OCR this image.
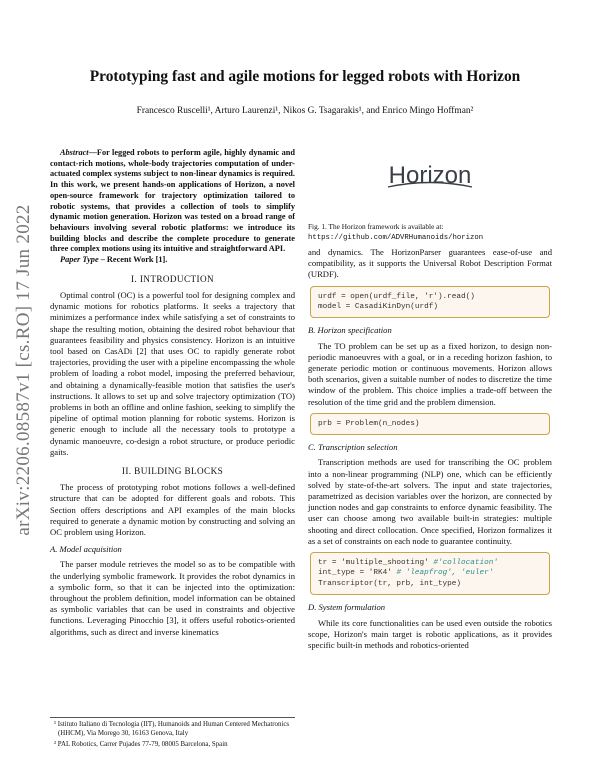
arXiv:2206.08587v1 [cs.RO] 17 Jun 2022
Prototyping fast and agile motions for legged robots with Horizon
Francesco Ruscelli¹, Arturo Laurenzi¹, Nikos G. Tsagarakis¹, and Enrico Mingo Hoffman²

Abstract—For legged robots to perform agile, highly dynamic and contact-rich motions, whole-body trajectories computation of under-actuated complex systems subject to non-linear dynamics is required. In this work, we present hands-on applications of Horizon, a novel open-source framework for trajectory optimization tailored to robotic systems, that provides a collection of tools to simplify dynamic motion generation. Horizon was tested on a broad range of behaviours involving several robotic platforms: we introduce its building blocks and describe the complete procedure to generate three complex motions using its intuitive and straightforward API.

Paper Type – Recent Work [1].

I. INTRODUCTION

Optimal control (OC) is a powerful tool for designing complex and dynamic motions for robotics platforms. It seeks a trajectory that minimizes a performance index while satisfying a set of constraints to shape the resulting motion, obtaining the desired robot behaviour that guarantees feasibility and physics consistency. Horizon is an intuitive tool based on CasADi [2] that uses OC to rapidly generate robot trajectories, providing the user with a pipeline encompassing the whole problem of loading a robot model, imposing the preferred behaviour, and obtaining a dynamically-feasible motion that satisfies the user's instructions. It allows to set up and solve trajectory optimization (TO) problems in both an offline and online fashion, seeking to simplify the pipeline of optimal motion planning for robotic systems. Horizon is generic enough to include all the necessary tools to prototype a dynamic manoeuvre, co-design a robot structure, or produce periodic gaits.

II. BUILDING BLOCKS

The process of prototyping robot motions follows a well-defined structure that can be adopted for different goals and robots. This Section offers descriptions and API examples of the main blocks required to generate a dynamic motion by constructing and solving an OC problem using Horizon.

A. Model acquisition

The parser module retrieves the model so as to be compatible with the underlying symbolic framework. It provides the robot dynamics in a symbolic form, so that it can be injected into the optimization: throughout the problem definition, model information can be obtained as symbolic variables that can be used in constraints and objective functions. Leveraging Pinocchio [3], it offers useful robotics-oriented algorithms, such as direct and inverse kinematics

¹ Istituto Italiano di Tecnologia (IIT), Humanoids and Human Centered Mechatronics (HHCM), Via Morego 30, 16163 Genova, Italy
² PAL Robotics, Carrer Pujades 77-79, 08005 Barcelona, Spain
Horizon
Fig. 1. The Horizon framework is available at: https://github.com/ADVRHumanoids/horizon

and dynamics. The HorizonParser guarantees ease-of-use and compatibility, as it supports the Universal Robot Description Format (URDF).

urdf = open(urdf_file, 'r').read()
model = CasadiKinDyn(urdf)
B. Horizon specification

The TO problem can be set up as a fixed horizon, to design non-periodic manoeuvres with a goal, or in a receding horizon fashion, to generate periodic motion or continuous movements. Horizon allows both scenarios, given a suitable number of nodes to discretize the time window of the problem. This choice implies a trade-off between the resolution of the time grid and the problem dimension.

prb = Problem(n_nodes)
C. Transcription selection

Transcription methods are used for transcribing the OC problem into a non-linear programming (NLP) one, which can be efficiently solved by state-of-the-art solvers. The input and state trajectories, parametrized as decision variables over the horizon, are connected by junction nodes and gap constraints to enforce dynamic feasibility. The user can choose among two available built-in strategies: multiple shooting and direct collocation. Once specified, Horizon formalizes it as a set of constraints on each node to guarantee continuity.

tr = 'multiple_shooting' #'collocation'
int_type = 'RK4' # 'leapfrog', 'euler'
Transcriptor(tr, prb, int_type)
D. System formulation

While its core functionalities can be used even outside the robotics scope, Horizon's main target is robotic applications, as it provides specific built-in methods and robotics-oriented
